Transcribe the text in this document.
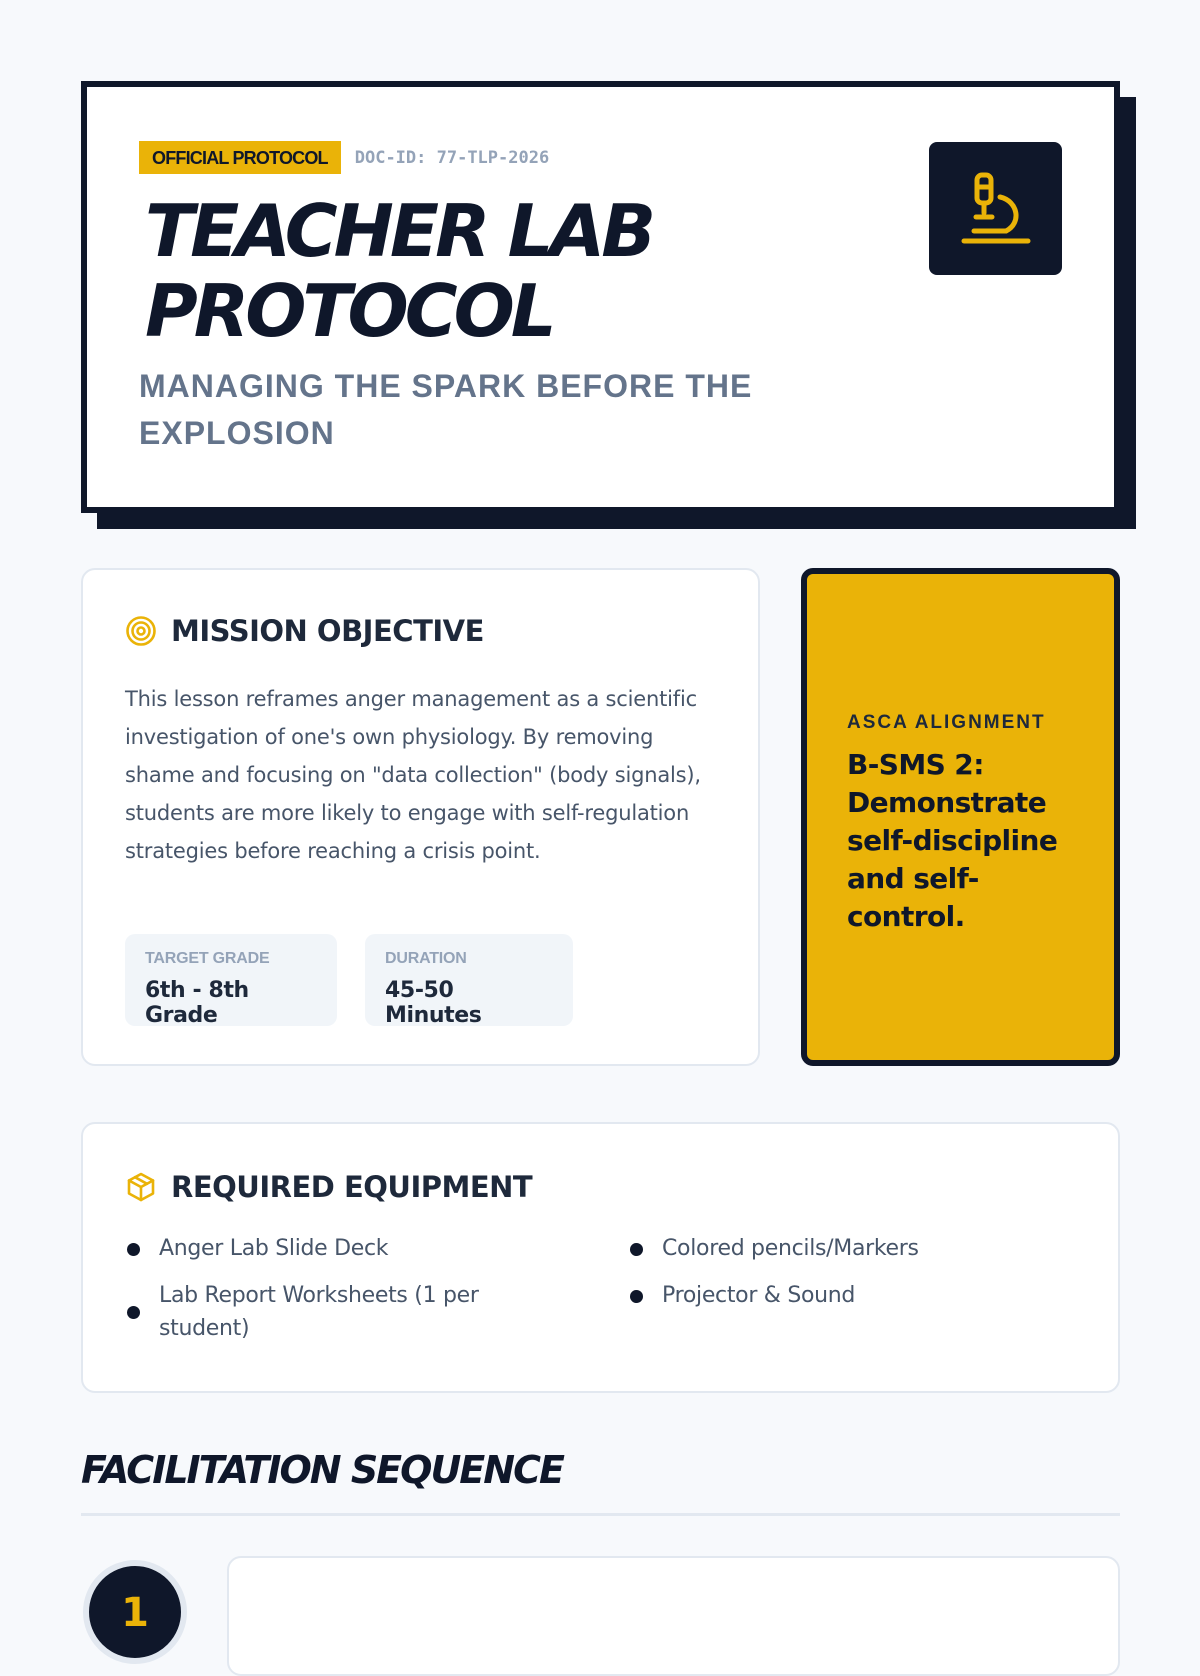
OFFICIAL PROTOCOL	DOC-ID: 77-TLP-2026
TEACHER LAB PROTOCOL
MANAGING THE SPARK BEFORE THE EXPLOSION
MISSION OBJECTIVE

This lesson reframes anger management as a scientific investigation of one's own physiology. By removing shame and focusing on "data collection" (body signals), students are more likely to engage with self-regulation strategies before reaching a crisis point.

TARGET GRADE
6th - 8th Grade
DURATION
45-50 Minutes
ASCA ALIGNMENT
B-SMS 2: Demonstrate self-discipline and self-control.
REQUIRED EQUIPMENT
Anger Lab Slide Deck
Lab Report Worksheets (1 per student)
Colored pencils/Markers
Projector & Sound
FACILITATION SEQUENCE
1
